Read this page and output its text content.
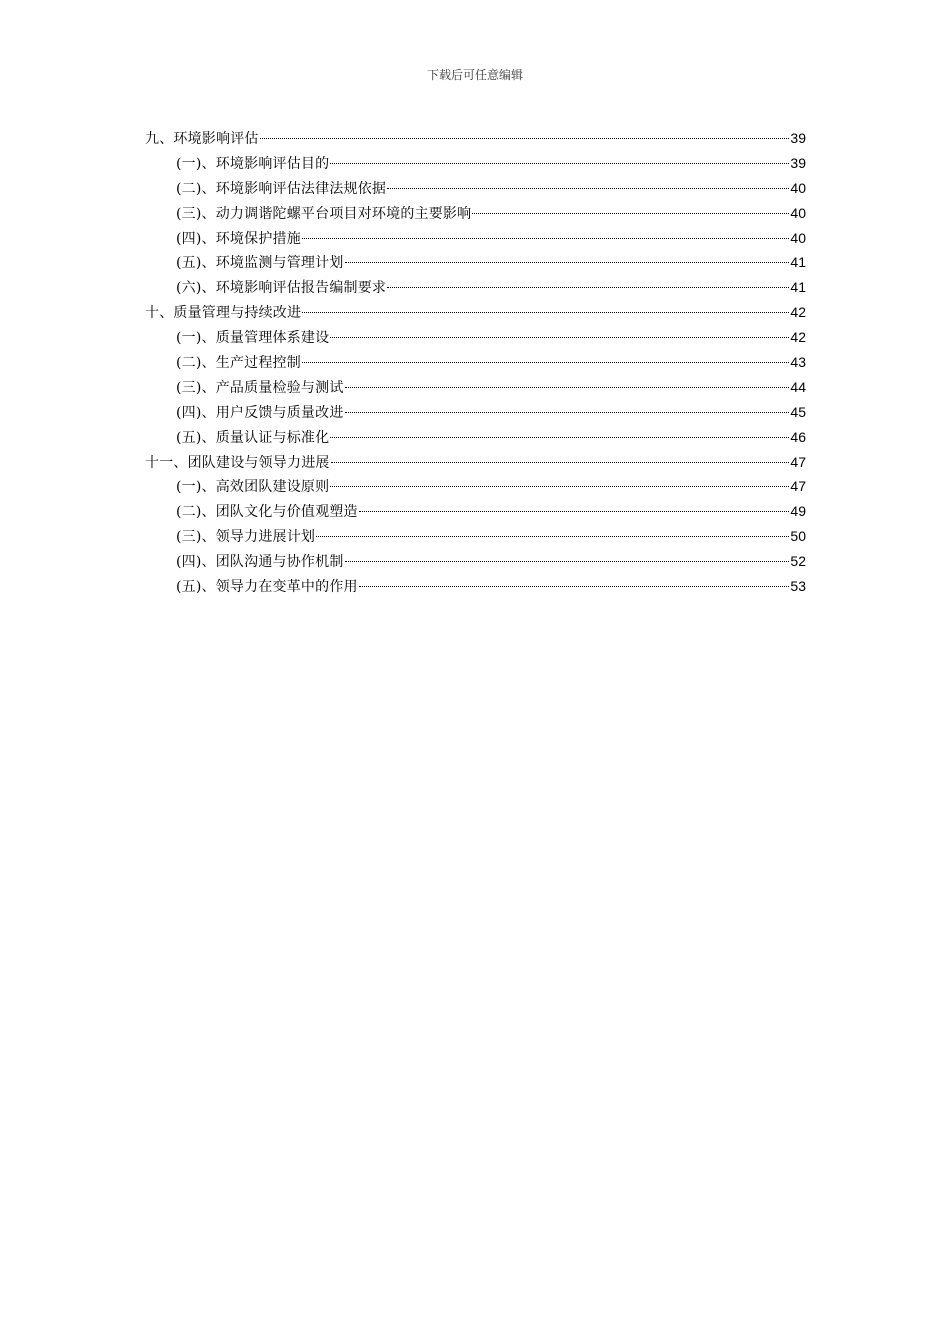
下载后可任意编辑
九、环境影响评估	39
(一)、环境影响评估目的	39
(二)、环境影响评估法律法规依据	40
(三)、动力调谐陀螺平台项目对环境的主要影响	40
(四)、环境保护措施	40
(五)、环境监测与管理计划	41
(六)、环境影响评估报告编制要求	41
十、质量管理与持续改进	42
(一)、质量管理体系建设	42
(二)、生产过程控制	43
(三)、产品质量检验与测试	44
(四)、用户反馈与质量改进	45
(五)、质量认证与标准化	46
十一、团队建设与领导力进展	47
(一)、高效团队建设原则	47
(二)、团队文化与价值观塑造	49
(三)、领导力进展计划	50
(四)、团队沟通与协作机制	52
(五)、领导力在变革中的作用	53
